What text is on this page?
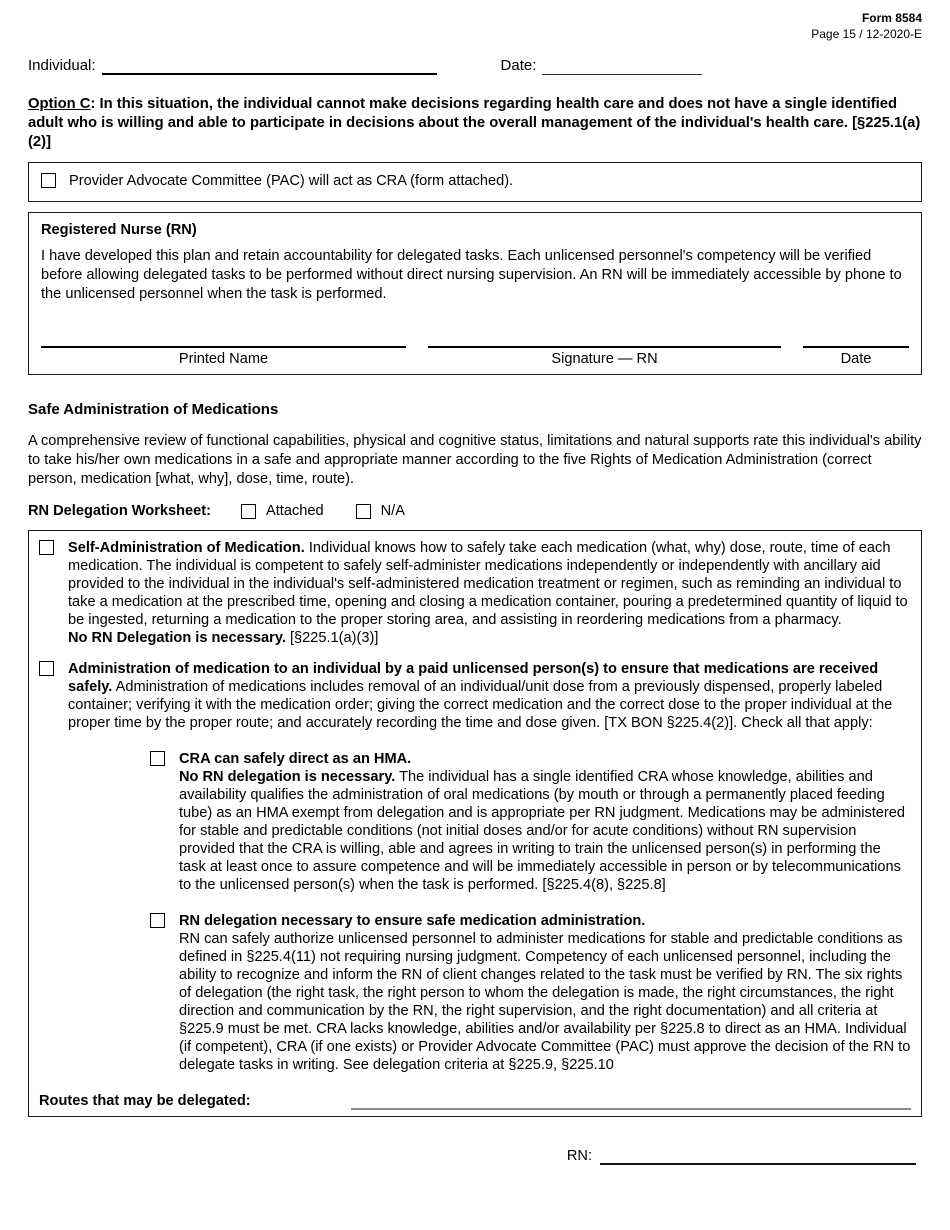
Form 8584
Page 15 / 12-2020-E
Individual:	Date:

Option C: In this situation, the individual cannot make decisions regarding health care and does not have a single identified adult who is willing and able to participate in decisions about the overall management of the individual's health care. [§225.1(a)(2)]

Provider Advocate Committee (PAC) will act as CRA (form attached).
Registered Nurse (RN)

I have developed this plan and retain accountability for delegated tasks. Each unlicensed personnel's competency will be verified before allowing delegated tasks to be performed without direct nursing supervision. An RN will be immediately accessible by phone to the unlicensed personnel when the task is performed.

Printed Name	Signature — RN	Date
Safe Administration of Medications

A comprehensive review of functional capabilities, physical and cognitive status, limitations and natural supports rate this individual's ability to take his/her own medications in a safe and appropriate manner according to the five Rights of Medication Administration (correct person, medication [what, why], dose, time, route).

RN Delegation Worksheet:	Attached	N/A
Self-Administration of Medication. Individual knows how to safely take each medication (what, why) dose, route, time of each medication. The individual is competent to safely self-administer medications independently or independently with ancillary aid provided to the individual in the individual's self-administered medication treatment or regimen, such as reminding an individual to take a medication at the prescribed time, opening and closing a medication container, pouring a predetermined quantity of liquid to be ingested, returning a medication to the proper storing area, and assisting in reordering medications from a pharmacy.
No RN Delegation is necessary. [§225.1(a)(3)]
Administration of medication to an individual by a paid unlicensed person(s) to ensure that medications are received safely. Administration of medications includes removal of an individual/unit dose from a previously dispensed, properly labeled container; verifying it with the medication order; giving the correct medication and the correct dose to the proper individual at the proper time by the proper route; and accurately recording the time and dose given. [TX BON §225.4(2)]. Check all that apply:
CRA can safely direct as an HMA.
No RN delegation is necessary. The individual has a single identified CRA whose knowledge, abilities and availability qualifies the administration of oral medications (by mouth or through a permanently placed feeding tube) as an HMA exempt from delegation and is appropriate per RN judgment. Medications may be administered for stable and predictable conditions (not initial doses and/or for acute conditions) without RN supervision provided that the CRA is willing, able and agrees in writing to train the unlicensed person(s) in performing the task at least once to assure competence and will be immediately accessible in person or by telecommunications to the unlicensed person(s) when the task is performed. [§225.4(8), §225.8]
RN delegation necessary to ensure safe medication administration.
RN can safely authorize unlicensed personnel to administer medications for stable and predictable conditions as defined in §225.4(11) not requiring nursing judgment. Competency of each unlicensed personnel, including the ability to recognize and inform the RN of client changes related to the task must be verified by RN. The six rights of delegation (the right task, the right person to whom the delegation is made, the right circumstances, the right direction and communication by the RN, the right supervision, and the right documentation) and all criteria at §225.9 must be met. CRA lacks knowledge, abilities and/or availability per §225.8 to direct as an HMA. Individual (if competent), CRA (if one exists) or Provider Advocate Committee (PAC) must approve the decision of the RN to delegate tasks in writing. See delegation criteria at §225.9, §225.10
Routes that may be delegated:
RN:
